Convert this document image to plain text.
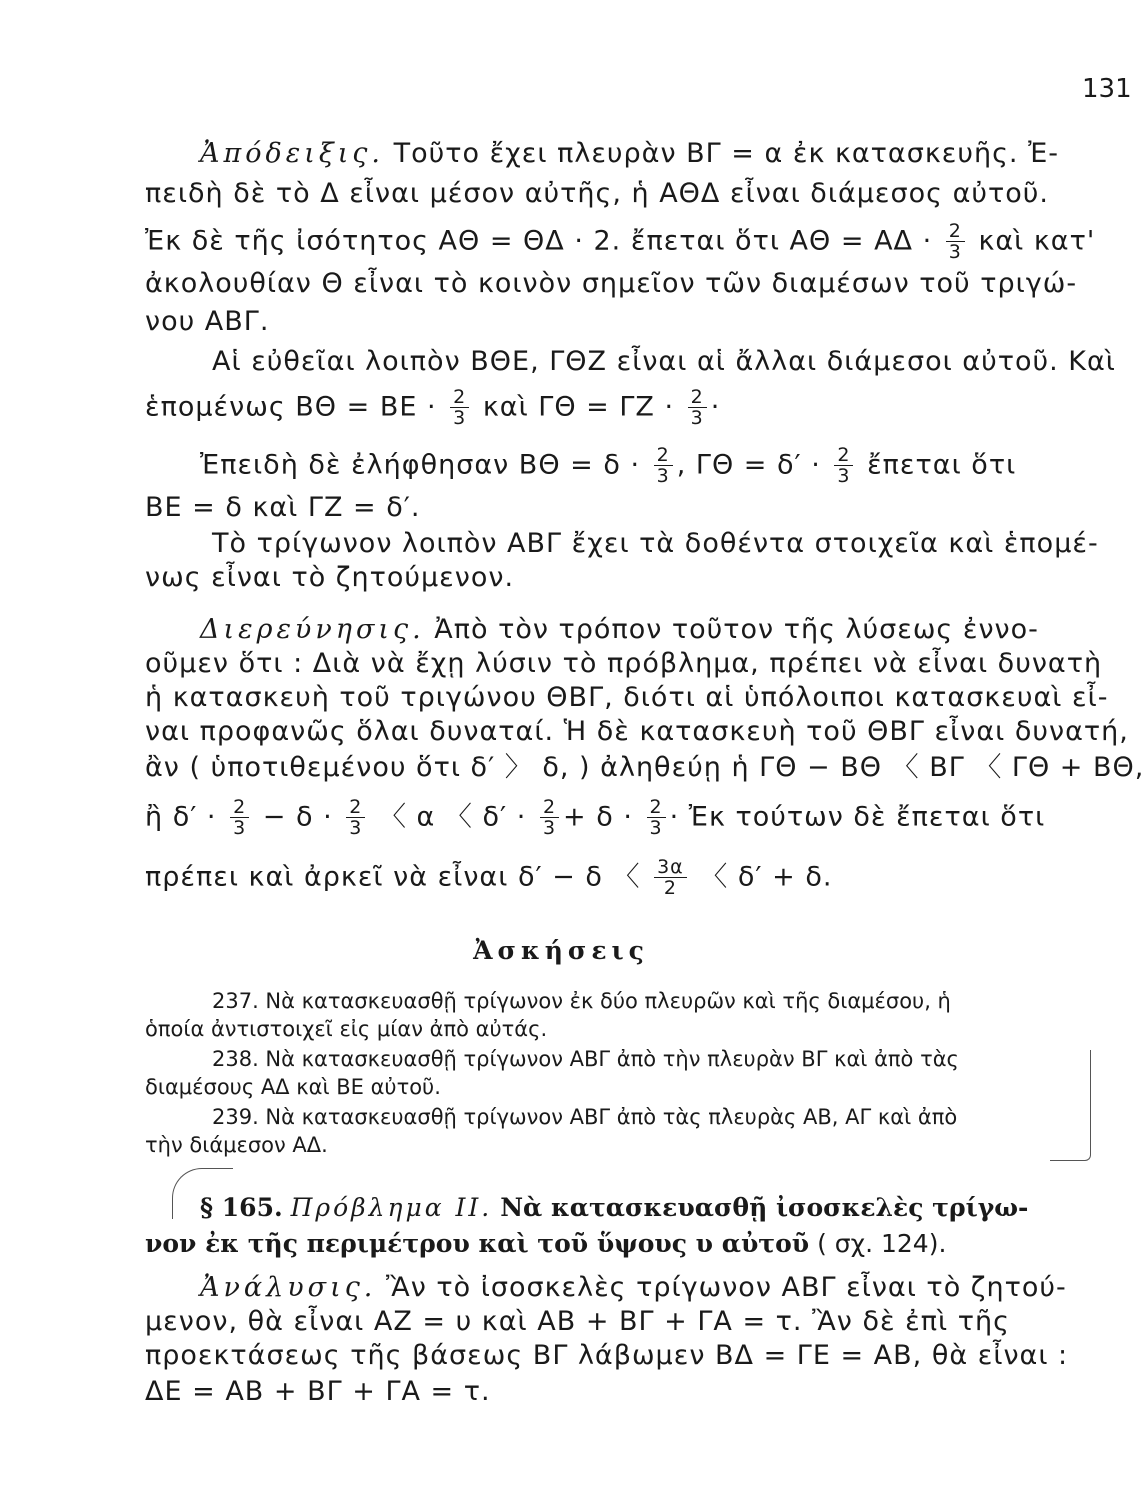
131
Ἀπόδειξις. Τοῦτο ἔχει πλευρὰν ΒΓ = α ἐκ κατασκευῆς. Ἐ-
πειδὴ δὲ τὸ Δ εἶναι μέσον αὐτῆς, ἡ ΑΘΔ εἶναι διάμεσος αὐτοῦ.
Ἐκ δὲ τῆς ἰσότητος ΑΘ = ΘΔ · 2. ἔπεται ὅτι $A\Theta = A\Delta \cdot \frac{2}{3}$ καὶ κατ'
ἀκολουθίαν Θ εἶναι τὸ κοινὸν σημεῖον τῶν διαμέσων τοῦ τριγώ-
νου ΑΒΓ.
Αἱ εὐθεῖαι λοιπὸν ΒΘΕ, ΓΘΖ εἶναι αἱ ἄλλαι διάμεσοι αὐτοῦ. Καὶ
ἑπομένως $B\Theta = BE \cdot \frac{2}{3}$ καὶ $\Gamma\Theta = \Gamma Z \cdot \frac{2}{3}$ ·
Ἐπειδὴ δὲ ἐλήφθησαν $B\Theta = \delta \cdot \frac{2}{3}$ , $\Gamma\Theta = \delta' \cdot \frac{2}{3}$ ἔπεται ὅτι
ΒΕ = δ καὶ ΓΖ = δ′.
Τὸ τρίγωνον λοιπὸν ΑΒΓ ἔχει τὰ δοθέντα στοιχεῖα καὶ ἑπομέ-
νως εἶναι τὸ ζητούμενον.
Διερεύνησις. Ἀπὸ τὸν τρόπον τοῦτον τῆς λύσεως ἐννο-
οῦμεν ὅτι : Διὰ νὰ ἔχῃ λύσιν τὸ πρόβλημα, πρέπει νὰ εἶναι δυνατὴ
ἡ κατασκευὴ τοῦ τριγώνου ΘΒΓ, διότι αἱ ὑπόλοιποι κατασκευαὶ εἶ-
ναι προφανῶς ὅλαι δυναταί. Ἡ δὲ κατασκευὴ τοῦ ΘΒΓ εἶναι δυνατή,
ἂν ( ὑποτιθεμένου ὅτι δ′ 〉 δ, ) ἀληθεύῃ ἡ ΓΘ − ΒΘ 〈 ΒΓ 〈 ΓΘ + ΒΘ,
ἢ $\delta' \cdot \frac{2}{3} - \delta \cdot \frac{2}{3}$ 〈 α 〈 $\delta' \cdot \frac{2}{3} + \delta \cdot \frac{2}{3}$ · Ἐκ τούτων δὲ ἔπεται ὅτι
πρέπει καὶ ἀρκεῖ νὰ εἶναι δ′ − δ 〈 $\frac{3\alpha}{2}$ 〈 δ′ + δ.
Ἀσκήσεις
237. Νὰ κατασκευασθῇ τρίγωνον ἐκ δύο πλευρῶν καὶ τῆς διαμέσου, ἡ
ὁποία ἀντιστοιχεῖ εἰς μίαν ἀπὸ αὐτάς.
238. Νὰ κατασκευασθῇ τρίγωνον ΑΒΓ ἀπὸ τὴν πλευρὰν ΒΓ καὶ ἀπὸ τὰς
διαμέσους ΑΔ καὶ ΒΕ αὐτοῦ.
239. Νὰ κατασκευασθῇ τρίγωνον ΑΒΓ ἀπὸ τὰς πλευρὰς ΑΒ, ΑΓ καὶ ἀπὸ
τὴν διάμεσον ΑΔ.
§ 165. Πρόβλημα II. Νὰ κατασκευασθῇ ἰσοσκελὲς τρίγω-
νον ἐκ τῆς περιμέτρου καὶ τοῦ ὕψους υ αὐτοῦ ( σχ. 124).
Ἀνάλυσις. Ἂν τὸ ἰσοσκελὲς τρίγωνον ΑΒΓ εἶναι τὸ ζητού-
μενον, θὰ εἶναι ΑΖ = υ καὶ ΑΒ + ΒΓ + ΓΑ = τ. Ἂν δὲ ἐπὶ τῆς
προεκτάσεως τῆς βάσεως ΒΓ λάβωμεν ΒΔ = ΓΕ = ΑΒ, θὰ εἶναι :
ΔΕ = ΑΒ + ΒΓ + ΓΑ = τ.
